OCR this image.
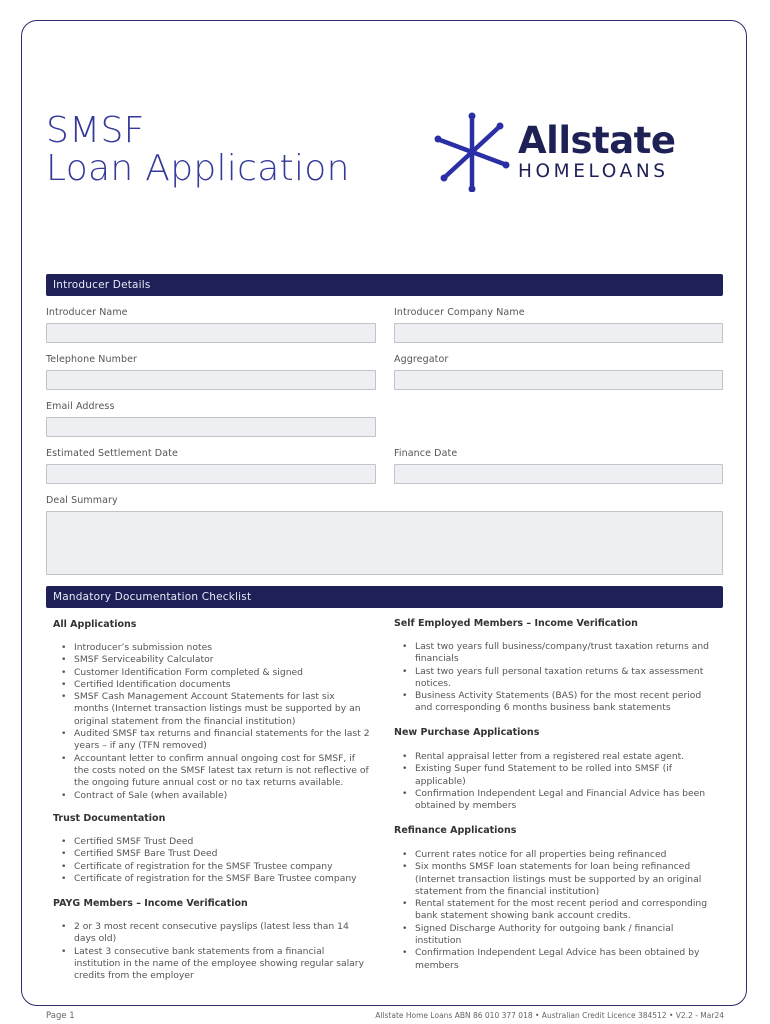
SMSF
Loan Application
Allstate
HOMELOANS
Introducer Details
Introducer Name	Introducer Company Name
Telephone Number	Aggregator
Email Address
Estimated Settlement Date	Finance Date
Deal Summary
Mandatory Documentation Checklist
All Applications
• Introducer’s submission notes
• SMSF Serviceability Calculator
• Customer Identification Form completed & signed
• Certified Identification documents
• SMSF Cash Management Account Statements for last six months (Internet transaction listings must be supported by an original statement from the financial institution)
• Audited SMSF tax returns and financial statements for the last 2 years – if any (TFN removed)
• Accountant letter to confirm annual ongoing cost for SMSF, if the costs noted on the SMSF latest tax return is not reflective of the ongoing future annual cost or no tax returns available.
• Contract of Sale (when available)
Trust Documentation
• Certified SMSF Trust Deed
• Certified SMSF Bare Trust Deed
• Certificate of registration for the SMSF Trustee company
• Certificate of registration for the SMSF Bare Trustee company
PAYG Members – Income Verification
• 2 or 3 most recent consecutive payslips (latest less than 14 days old)
• Latest 3 consecutive bank statements from a financial institution in the name of the employee showing regular salary credits from the employer
Self Employed Members – Income Verification
• Last two years full business/company/trust taxation returns and financials
• Last two years full personal taxation returns & tax assessment notices.
• Business Activity Statements (BAS) for the most recent period and corresponding 6 months business bank statements
New Purchase Applications
• Rental appraisal letter from a registered real estate agent.
• Existing Super fund Statement to be rolled into SMSF (if applicable)
• Confirmation Independent Legal and Financial Advice has been obtained by members
Refinance Applications
• Current rates notice for all properties being refinanced
• Six months SMSF loan statements for loan being refinanced (Internet transaction listings must be supported by an original statement from the financial institution)
• Rental statement for the most recent period and corresponding bank statement showing bank account credits.
• Signed Discharge Authority for outgoing bank / financial institution
• Confirmation Independent Legal Advice has been obtained by members
Page 1	Allstate Home Loans ABN 86 010 377 018 • Australian Credit Licence 384512 • V2.2 - Mar24
